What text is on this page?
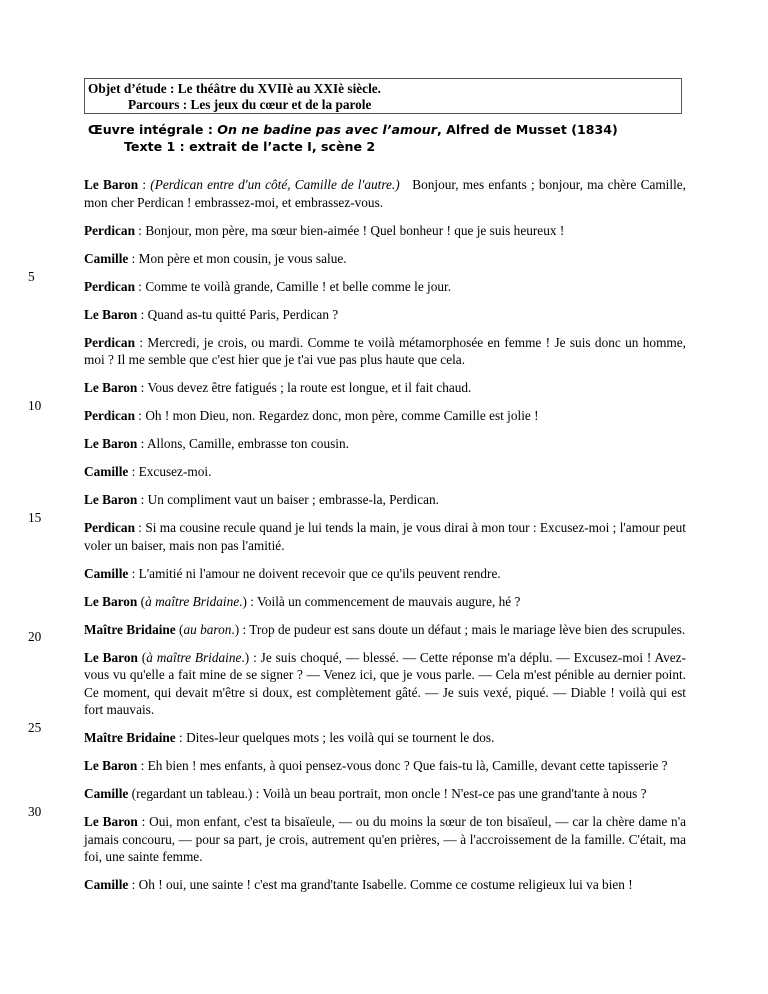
Objet d’étude : Le théâtre du XVIIè au XXIè siècle.
Parcours : Les jeux du cœur et de la parole
Œuvre intégrale : On ne badine pas avec l’amour, Alfred de Musset (1834)
Texte 1 : extrait de l’acte I, scène 2

Le Baron : (Perdican entre d'un côté, Camille de l'autre.)   Bonjour, mes enfants ; bonjour, ma chère Camille, mon cher Perdican ! embrassez-moi, et embrassez-vous.

Perdican : Bonjour, mon père, ma sœur bien-aimée ! Quel bonheur ! que je suis heureux !

Camille : Mon père et mon cousin, je vous salue.

5
Perdican : Comme te voilà grande, Camille ! et belle comme le jour.

Le Baron : Quand as-tu quitté Paris, Perdican ?

Perdican : Mercredi, je crois, ou mardi. Comme te voilà métamorphosée en femme ! Je suis donc un homme, moi ? Il me semble que c'est hier que je t'ai vue pas plus haute que cela.

Le Baron : Vous devez être fatigués ; la route est longue, et il fait chaud.

10
Perdican : Oh ! mon Dieu, non. Regardez donc, mon père, comme Camille est jolie !

Le Baron : Allons, Camille, embrasse ton cousin.

Camille : Excusez-moi.

Le Baron : Un compliment vaut un baiser ; embrasse-la, Perdican.

15
Perdican : Si ma cousine recule quand je lui tends la main, je vous dirai à mon tour : Excusez-moi ; l'amour peut voler un baiser, mais non pas l'amitié.

Camille : L'amitié ni l'amour ne doivent recevoir que ce qu'ils peuvent rendre.

Le Baron (à maître Bridaine.) : Voilà un commencement de mauvais augure, hé ?

20	Maître Bridaine (au baron.) : Trop de pudeur est sans doute un défaut ; mais le mariage lève bien des scrupules.

Le Baron (à maître Bridaine.) : Je suis choqué, — blessé. — Cette réponse m'a déplu. — Excusez-moi ! Avez-vous vu qu'elle a fait mine de se signer ? — Venez ici, que je vous parle. — Cela m'est pénible au dernier point. Ce moment, qui devait m'être si doux, est complètement gâté. — Je suis vexé, piqué. — Diable ! voilà qui est fort mauvais.

25
Maître Bridaine : Dites-leur quelques mots ; les voilà qui se tournent le dos.

Le Baron : Eh bien ! mes enfants, à quoi pensez-vous donc ? Que fais-tu là, Camille, devant cette tapisserie ?

Camille (regardant un tableau.) : Voilà un beau portrait, mon oncle ! N'est-ce pas une grand'tante à nous ?

30
Le Baron : Oui, mon enfant, c'est ta bisaïeule, — ou du moins la sœur de ton bisaïeul, — car la chère dame n'a jamais concouru, — pour sa part, je crois, autrement qu'en prières, — à l'accroissement de la famille. C'était, ma foi, une sainte femme.

Camille : Oh ! oui, une sainte ! c'est ma grand'tante Isabelle. Comme ce costume religieux lui va bien !
